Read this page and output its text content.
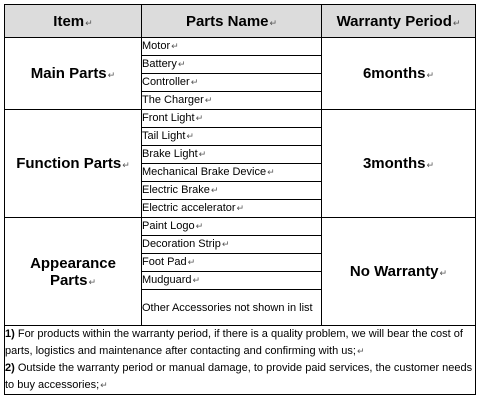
Item↵	Parts Name↵	Warranty Period↵
Main Parts↵	Motor↵	6months↵
	Battery↵	
	Controller↵	
	The Charger↵	
Function Parts↵	Front Light↵	3months↵
	Tail Light↵	
	Brake Light↵	
	Mechanical Brake Device↵	
	Electric Brake↵	
	Electric accelerator↵	
Appearance Parts↵	Paint Logo↵	No Warranty↵
	Decoration Strip↵	
	Foot Pad↵	
	Mudguard↵	
	Other Accessories not shown in list	

1) For products within the warranty period, if there is a quality problem, we will bear the cost of parts, logistics and maintenance after contacting and confirming with us;↵
2) Outside the warranty period or manual damage, to provide paid services, the customer needs to buy accessories;↵		
